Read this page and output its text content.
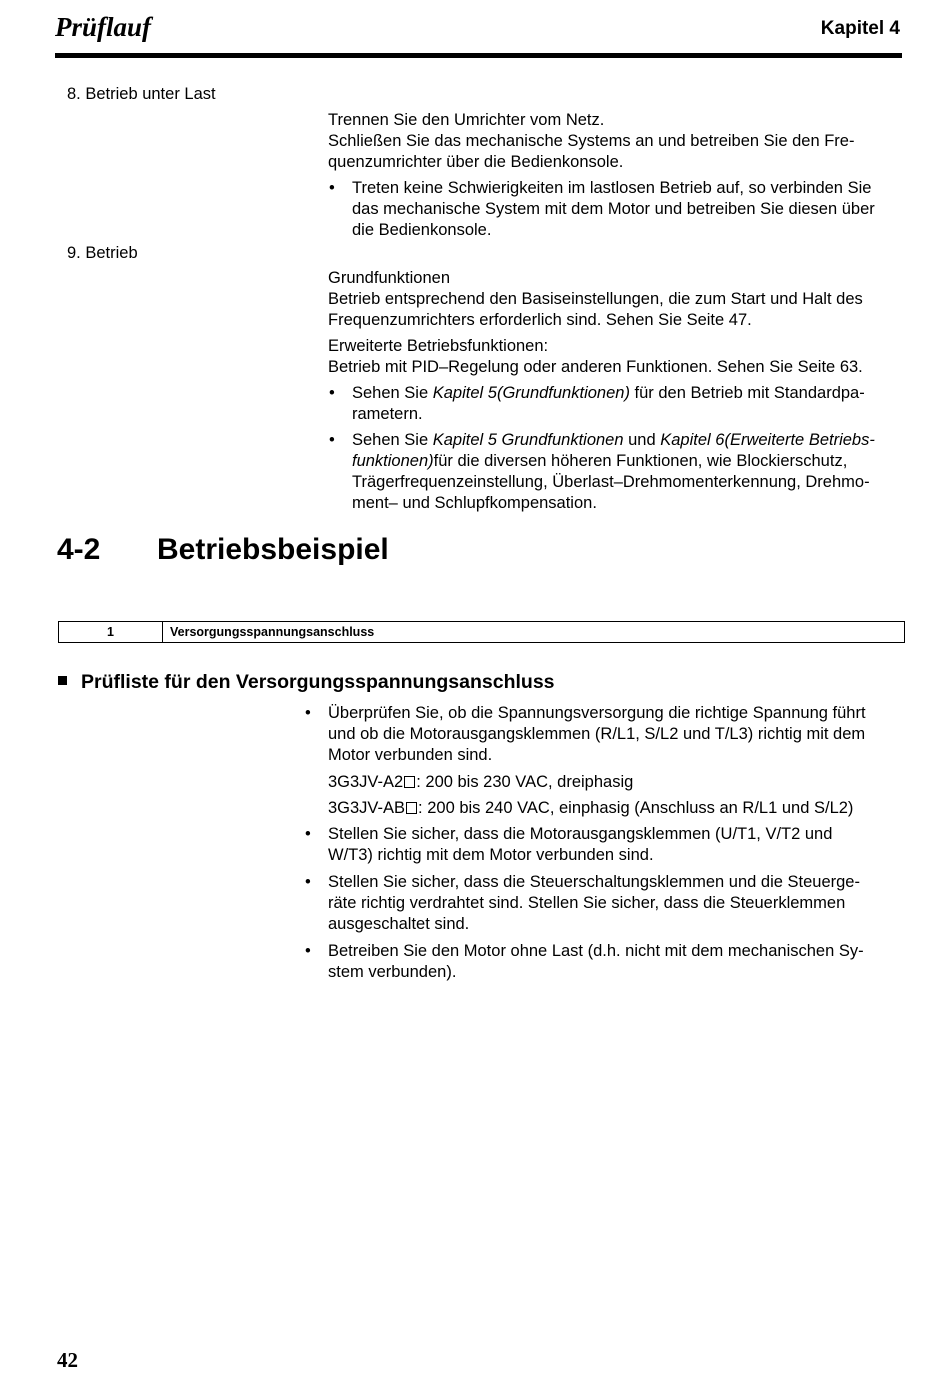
Prüflauf	Kapitel 4
8. Betrieb unter Last

Trennen Sie den Umrichter vom Netz.

Schließen Sie das mechanische Systems an und betreiben Sie den Fre-
quenzumrichter über die Bedienkonsole.

• Treten keine Schwierigkeiten im lastlosen Betrieb auf, so verbinden Sie
das mechanische System mit dem Motor und betreiben Sie diesen über
die Bedienkonsole.

9. Betrieb

Grundfunktionen

Betrieb entsprechend den Basiseinstellungen, die zum Start und Halt des
Frequenzumrichters erforderlich sind. Sehen Sie Seite 47.

Erweiterte Betriebsfunktionen:

Betrieb mit PID–Regelung oder anderen Funktionen. Sehen Sie Seite 63.

• Sehen Sie Kapitel 5(Grundfunktionen) für den Betrieb mit Standardpa-
rametern.

• Sehen Sie Kapitel 5 Grundfunktionen und Kapitel 6(Erweiterte Betriebs-
funktionen)für die diversen höheren Funktionen, wie Blockierschutz,
Trägerfrequenzeinstellung, Überlast–Drehmomenterkennung, Drehmo-
ment– und Schlupfkompensation.

4-2 Betriebsbeispiel
1	Versorgungsspannungsanschluss
Prüfliste für den Versorgungsspannungsanschluss

• Überprüfen Sie, ob die Spannungsversorgung die richtige Spannung führt
und ob die Motorausgangsklemmen (R/L1, S/L2 und T/L3) richtig mit dem
Motor verbunden sind.

3G3JV-A2 : 200 bis 230 VAC, dreiphasig

3G3JV-AB : 200 bis 240 VAC, einphasig (Anschluss an R/L1 und S/L2)

• Stellen Sie sicher, dass die Motorausgangsklemmen (U/T1, V/T2 und
W/T3) richtig mit dem Motor verbunden sind.

• Stellen Sie sicher, dass die Steuerschaltungsklemmen und die Steuerge-
räte richtig verdrahtet sind. Stellen Sie sicher, dass die Steuerklemmen
ausgeschaltet sind.

• Betreiben Sie den Motor ohne Last (d.h. nicht mit dem mechanischen Sy-
stem verbunden).

42
